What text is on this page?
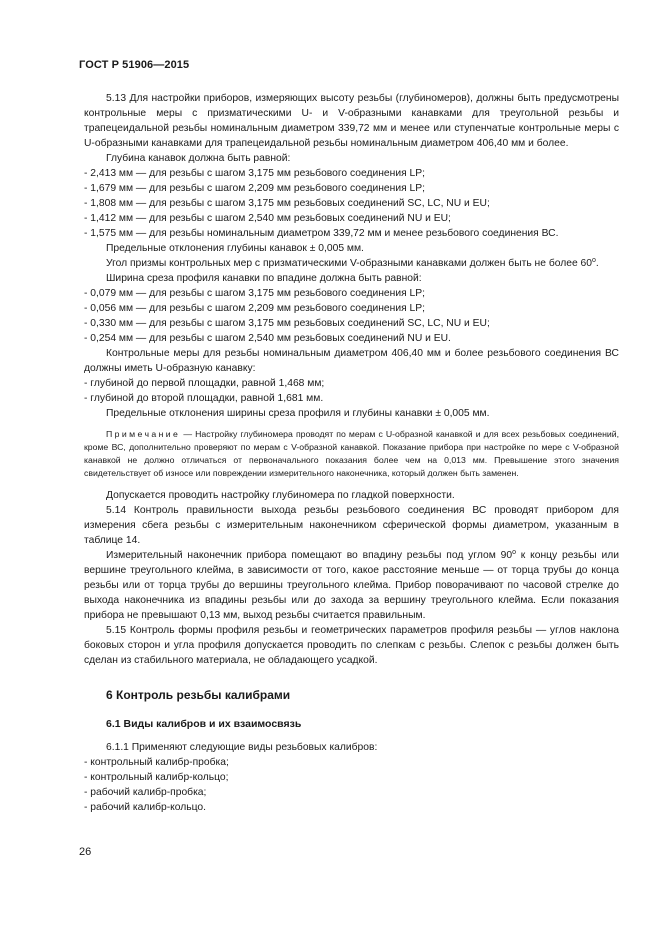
ГОСТ Р 51906—2015

5.13 Для настройки приборов, измеряющих высоту резьбы (глубиномеров), должны быть предусмотрены контрольные меры с призматическими U- и V-образными канавками для треугольной резьбы и трапецеидальной резьбы номинальным диаметром 339,72 мм и менее или ступенчатые контрольные меры с U-образными канавками для трапецеидальной резьбы номинальным диаметром 406,40 мм и более.

Глубина канавок должна быть равной:

- 2,413 мм — для резьбы с шагом 3,175 мм резьбового соединения LP;

- 1,679 мм — для резьбы с шагом 2,209 мм резьбового соединения LP;

- 1,808 мм — для резьбы с шагом 3,175 мм резьбовых соединений SC, LC, NU и EU;

- 1,412 мм — для резьбы с шагом 2,540 мм резьбовых соединений NU и EU;

- 1,575 мм — для резьбы номинальным диаметром 339,72 мм и менее резьбового соединения ВС.

Предельные отклонения глубины канавок ± 0,005 мм.

Угол призмы контрольных мер с призматическими V-образными канавками должен быть не более $60^о$.

Ширина среза профиля канавки по впадине должна быть равной:

- 0,079 мм — для резьбы с шагом 3,175 мм резьбового соединения LP;

- 0,056 мм — для резьбы с шагом 2,209 мм резьбового соединения LP;

- 0,330 мм — для резьбы с шагом 3,175 мм резьбовых соединений SC, LC, NU и EU;

- 0,254 мм — для резьбы с шагом 2,540 мм резьбовых соединений NU и EU.

Контрольные меры для резьбы номинальным диаметром 406,40 мм и более резьбового соединения ВС должны иметь U-образную канавку:

- глубиной до первой площадки, равной 1,468 мм;

- глубиной до второй площадки, равной 1,681 мм.

Предельные отклонения ширины среза профиля и глубины канавки ± 0,005 мм.

Примечание — Настройку глубиномера проводят по мерам с U-образной канавкой и для всех резьбовых соединений, кроме ВС, дополнительно проверяют по мерам с V-образной канавкой. Показание прибора при настройке по мере с V-образной канавкой не должно отличаться от первоначального показания более чем на 0,013 мм. Превышение этого значения свидетельствует об износе или повреждении измерительного наконечника, который должен быть заменен.

Допускается проводить настройку глубиномера по гладкой поверхности.

5.14 Контроль правильности выхода резьбы резьбового соединения ВС проводят прибором для измерения сбега резьбы с измерительным наконечником сферической формы диаметром, указанным в таблице 14.

Измерительный наконечник прибора помещают во впадину резьбы под углом $90^о$ к концу резьбы или вершине треугольного клейма, в зависимости от того, какое расстояние меньше — от торца трубы до конца резьбы или от торца трубы до вершины треугольного клейма. Прибор поворачивают по часовой стрелке до выхода наконечника из впадины резьбы или до захода за вершину треугольного клейма. Если показания прибора не превышают 0,13 мм, выход резьбы считается правильным.

5.15 Контроль формы профиля резьбы и геометрических параметров профиля резьбы — углов наклона боковых сторон и угла профиля допускается проводить по слепкам с резьбы. Слепок с резьбы должен быть сделан из стабильного материала, не обладающего усадкой.

6 Контроль резьбы калибрами

6.1 Виды калибров и их взаимосвязь

6.1.1 Применяют следующие виды резьбовых калибров:

- контрольный калибр-пробка;

- контрольный калибр-кольцо;

- рабочий калибр-пробка;

- рабочий калибр-кольцо.

26
